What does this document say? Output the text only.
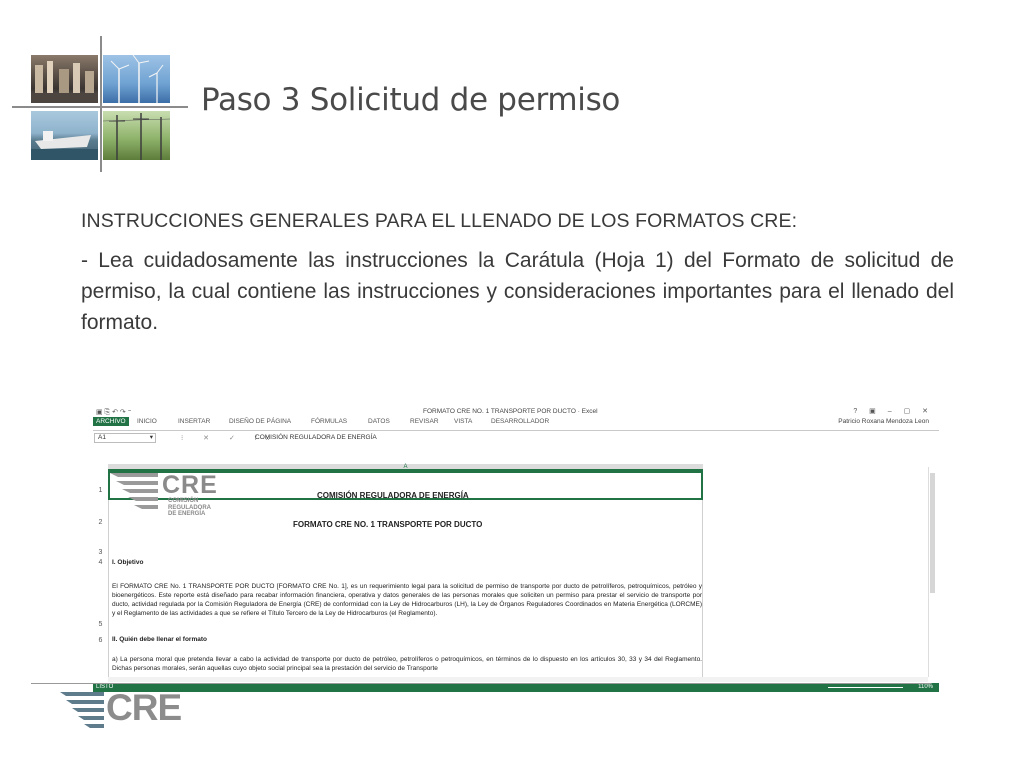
Paso 3 Solicitud de permiso
INSTRUCCIONES GENERALES PARA EL LLENADO DE LOS FORMATOS CRE:
- Lea cuidadosamente las instrucciones la Carátula (Hoja 1) del Formato de solicitud de permiso, la cual contiene las instrucciones y consideraciones importantes para el llenado del formato.
▣ ⎘ ↶ ↷ ⁼	FORMATO CRE NO. 1 TRANSPORTE POR DUCTO · Excel	? ▣ – ▢ ✕
ARCHIVO	INICIO	INSERTAR	DISEÑO DE PÁGINA	FÓRMULAS	DATOS	REVISAR VISTA	DESARROLLADOR	Patricio Roxana Mendoza Leon
A1	▾	⁝ ✕ ✓ fx
COMISIÓN REGULADORA DE ENERGÍA
A
1
2
3
4
5
6
CRE
COMISIÓN
REGULADORA
DE ENERGÍA
COMISIÓN REGULADORA DE ENERGÍA
FORMATO CRE NO. 1 TRANSPORTE POR DUCTO
I. Objetivo
El FORMATO CRE No. 1 TRANSPORTE POR DUCTO [FORMATO CRE No. 1], es un requerimiento legal para la solicitud de permiso de transporte por ducto de petrolíferos, petroquímicos, petróleo y bioenergéticos. Este reporte está diseñado para recabar información financiera, operativa y datos generales de las personas morales que soliciten un permiso para prestar el servicio de transporte por ducto, actividad regulada por la Comisión Reguladora de Energía (CRE) de conformidad con la Ley de Hidrocarburos (LH), la Ley de Órganos Reguladores Coordinados en Materia Energética (LORCME) y el Reglamento de las actividades a que se refiere el Título Tercero de la Ley de Hidrocarburos (el Reglamento).
II. Quién debe llenar el formato
a) La persona moral que pretenda llevar a cabo la actividad de transporte por ducto de petróleo, petrolíferos o petroquímicos, en términos de lo dispuesto en los artículos 30, 33 y 34 del Reglamento. Dichas personas morales, serán aquellas cuyo objeto social principal sea la prestación del servicio de Transporte
LISTO	110%
CRE
